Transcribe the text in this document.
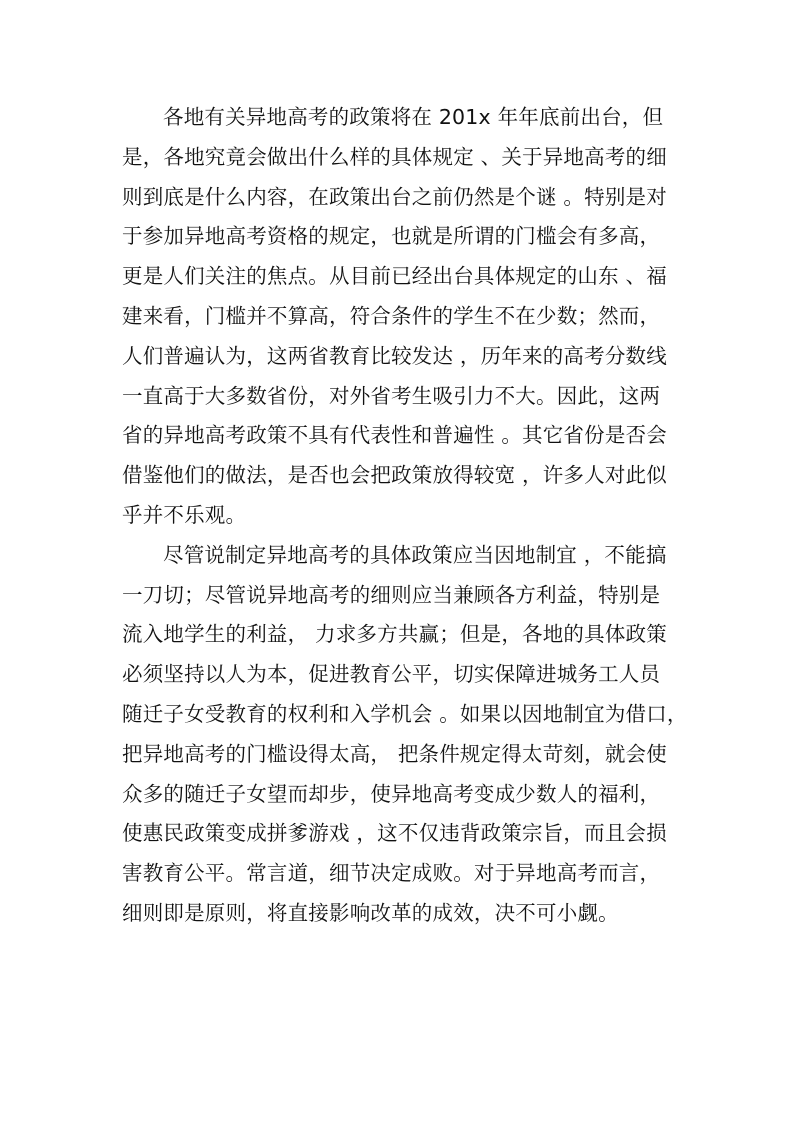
各地有关异地高考的政策将在 201x 年年底前出台，但
是，各地究竟会做出什么样的具体规定 、关于异地高考的细
则到底是什么内容，在政策出台之前仍然是个谜 。特别是对
于参加异地高考资格的规定，也就是所谓的门槛会有多高，
更是人们关注的焦点。从目前已经出台具体规定的山东 、福
建来看，门槛并不算高，符合条件的学生不在少数；然而，
人们普遍认为，这两省教育比较发达 ，历年来的高考分数线
一直高于大多数省份，对外省考生吸引力不大。因此，这两
省的异地高考政策不具有代表性和普遍性 。其它省份是否会
借鉴他们的做法，是否也会把政策放得较宽 ，许多人对此似
乎并不乐观。
尽管说制定异地高考的具体政策应当因地制宜 ，不能搞
一刀切；尽管说异地高考的细则应当兼顾各方利益，特别是
流入地学生的利益， 力求多方共赢；但是，各地的具体政策
必须坚持以人为本，促进教育公平，切实保障进城务工人员
随迁子女受教育的权利和入学机会 。如果以因地制宜为借口，
把异地高考的门槛设得太高， 把条件规定得太苛刻，就会使
众多的随迁子女望而却步，使异地高考变成少数人的福利，
使惠民政策变成拼爹游戏 ，这不仅违背政策宗旨，而且会损
害教育公平。常言道，细节决定成败。对于异地高考而言，
细则即是原则，将直接影响改革的成效，决不可小觑。
